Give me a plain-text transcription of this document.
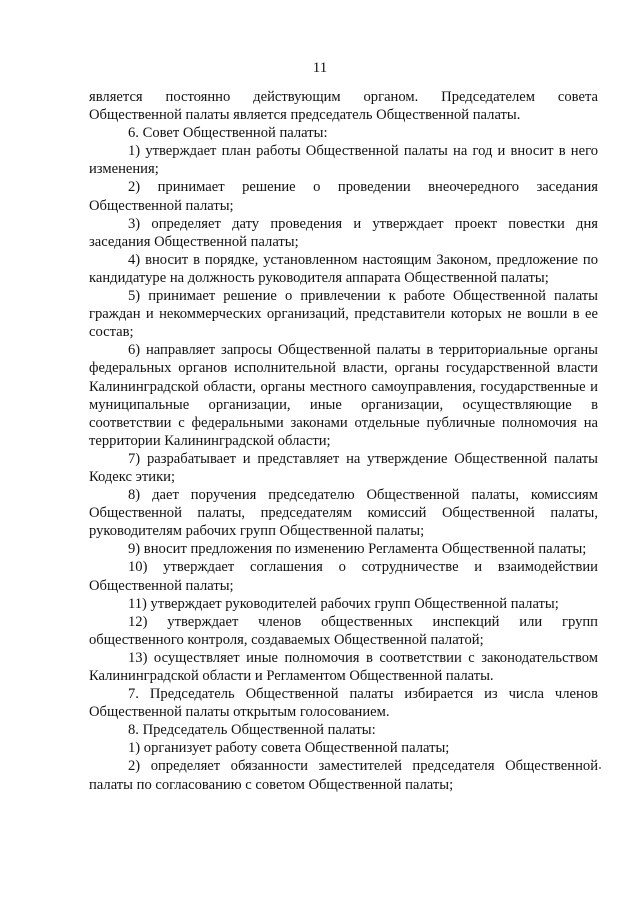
11

является постоянно действующим органом. Председателем совета Общественной палаты является председатель Общественной палаты.

6. Совет Общественной палаты:

1) утверждает план работы Общественной палаты на год и вносит в него изменения;

2) принимает решение о проведении внеочередного заседания Общественной палаты;

3) определяет дату проведения и утверждает проект повестки дня заседания Общественной палаты;

4) вносит в порядке, установленном настоящим Законом, предложение по кандидатуре на должность руководителя аппарата Общественной палаты;

5) принимает решение о привлечении к работе Общественной палаты граждан и некоммерческих организаций, представители которых не вошли в ее состав;

6) направляет запросы Общественной палаты в территориальные органы федеральных органов исполнительной власти, органы государственной власти Калининградской области, органы местного самоуправления, государственные и муниципальные организации, иные организации, осуществляющие в соответствии с федеральными законами отдельные публичные полномочия на территории Калининградской области;

7) разрабатывает и представляет на утверждение Общественной палаты Кодекс этики;

8) дает поручения председателю Общественной палаты, комиссиям Общественной палаты, председателям комиссий Общественной палаты, руководителям рабочих групп Общественной палаты;

9) вносит предложения по изменению Регламента Общественной палаты;

10) утверждает соглашения о сотрудничестве и взаимодействии Общественной палаты;

11) утверждает руководителей рабочих групп Общественной палаты;

12) утверждает членов общественных инспекций или групп общественного контроля, создаваемых Общественной палатой;

13) осуществляет иные полномочия в соответствии с законодательством Калининградской области и Регламентом Общественной палаты.

7. Председатель Общественной палаты избирается из числа членов Общественной палаты открытым голосованием.

8. Председатель Общественной палаты:

1) организует работу совета Общественной палаты;

2) определяет обязанности заместителей председателя Общественной палаты по согласованию с советом Общественной палаты;
